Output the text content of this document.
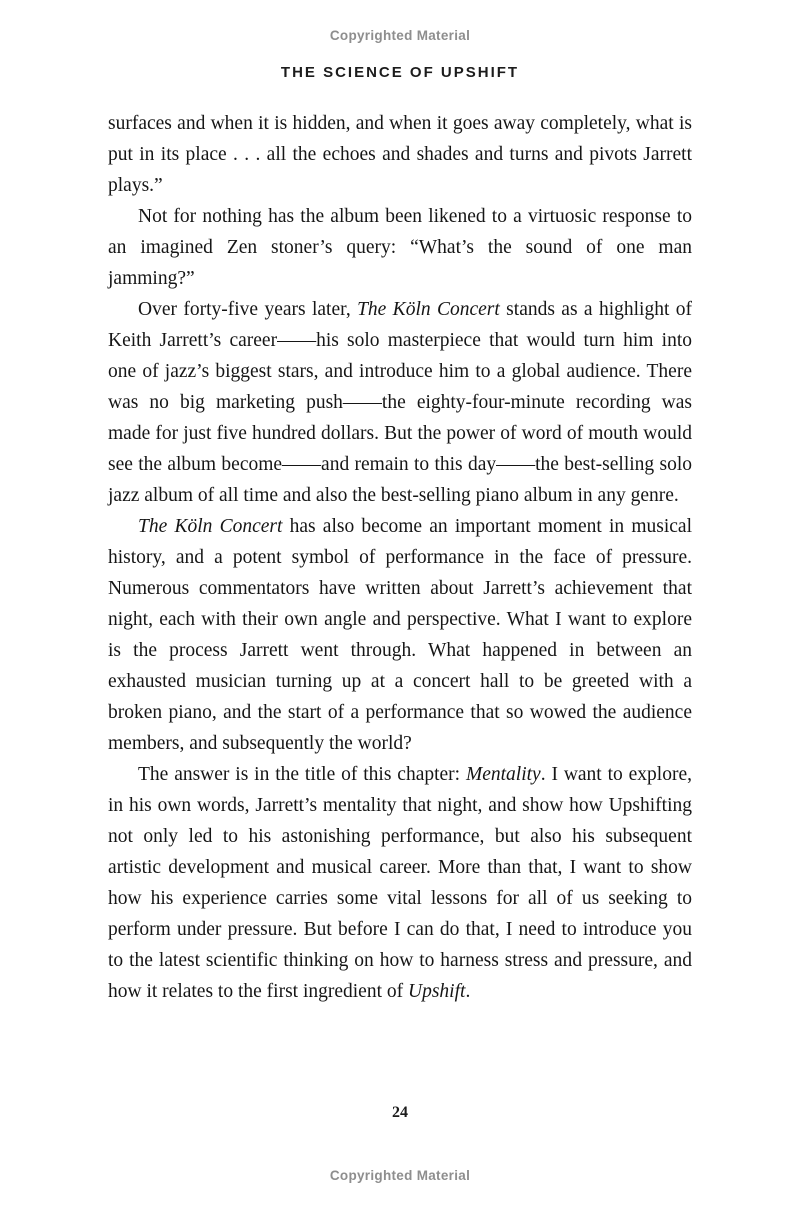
Copyrighted Material
THE SCIENCE OF UPSHIFT

surfaces and when it is hidden, and when it goes away completely, what is put in its place . . . all the echoes and shades and turns and pivots Jarrett plays.”

Not for nothing has the album been likened to a virtuosic response to an imagined Zen stoner’s query: “What’s the sound of one man jamming?”

Over forty-five years later, The Köln Concert stands as a highlight of Keith Jarrett’s career——his solo masterpiece that would turn him into one of jazz’s biggest stars, and introduce him to a global audience. There was no big marketing push——the eighty-four-minute recording was made for just five hundred dollars. But the power of word of mouth would see the album become——and remain to this day——the best-selling solo jazz album of all time and also the best-selling piano album in any genre.

The Köln Concert has also become an important moment in musical history, and a potent symbol of performance in the face of pressure. Numerous commentators have written about Jarrett’s achievement that night, each with their own angle and perspective. What I want to explore is the process Jarrett went through. What happened in between an exhausted musician turning up at a concert hall to be greeted with a broken piano, and the start of a performance that so wowed the audience members, and subsequently the world?

The answer is in the title of this chapter: Mentality. I want to explore, in his own words, Jarrett’s mentality that night, and show how Upshifting not only led to his astonishing performance, but also his subsequent artistic development and musical career. More than that, I want to show how his experience carries some vital lessons for all of us seeking to perform under pressure. But before I can do that, I need to introduce you to the latest scientific thinking on how to harness stress and pressure, and how it relates to the first ingredient of Upshift.

24
Copyrighted Material
